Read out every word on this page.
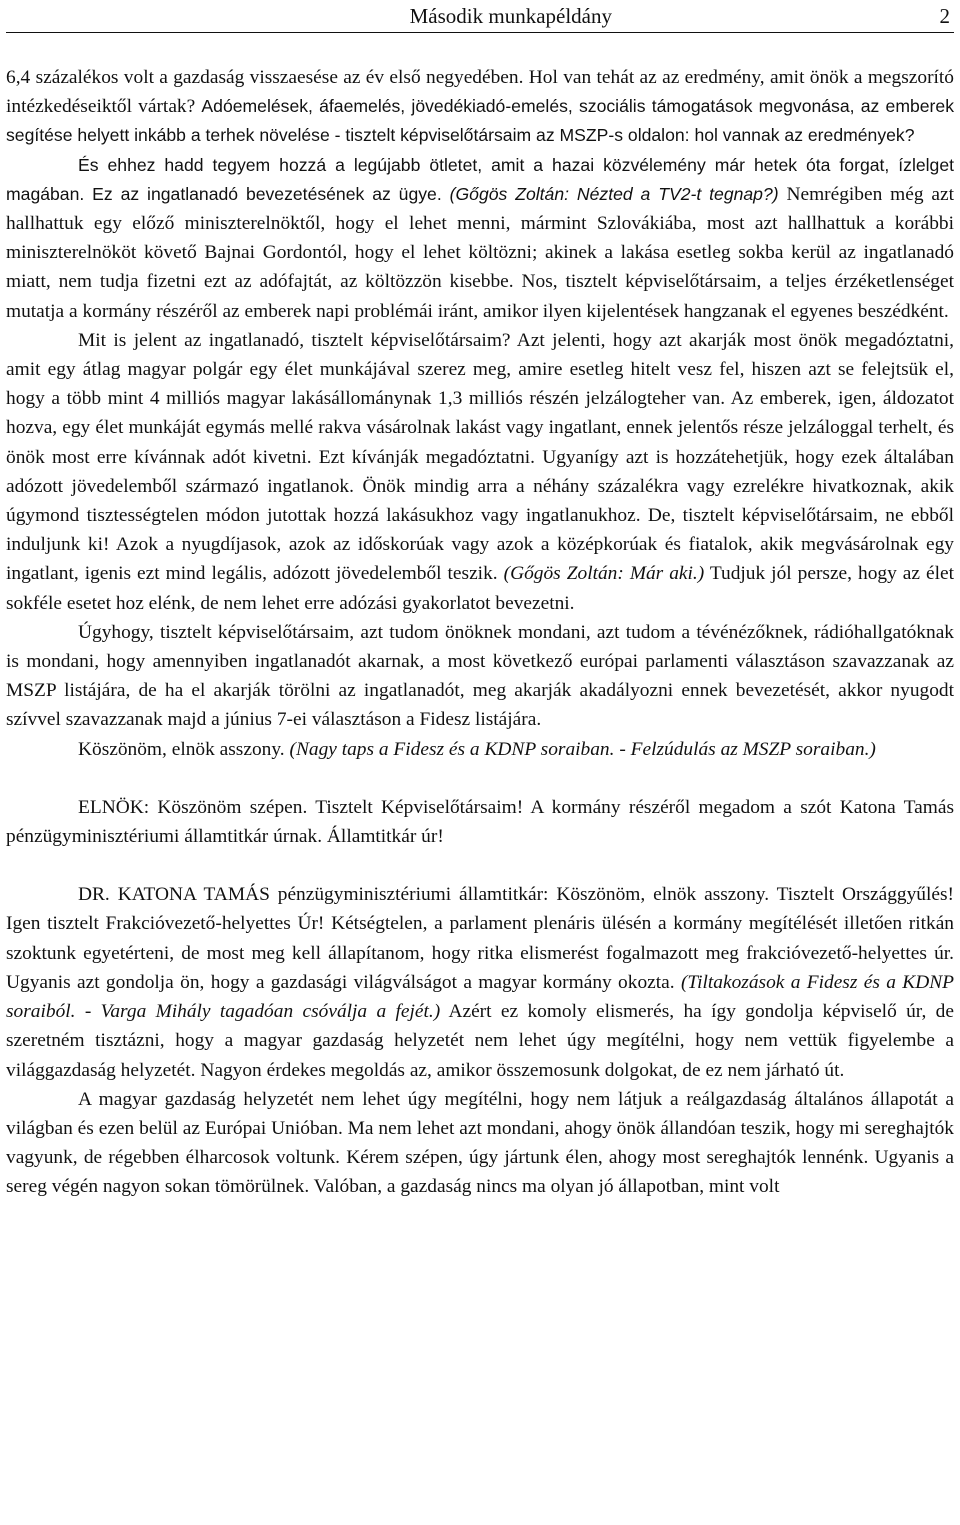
Második munkapéldány	2

6,4 százalékos volt a gazdaság visszaesése az év első negyedében. Hol van tehát az az eredmény, amit önök a megszorító intézkedéseiktől vártak? Adóemelések, áfaemelés, jövedékiadó-emelés, szociális támogatások megvonása, az emberek segítése helyett inkább a terhek növelése - tisztelt képviselőtársaim az MSZP-s oldalon: hol vannak az eredmények?

És ehhez hadd tegyem hozzá a legújabb ötletet, amit a hazai közvélemény már hetek óta forgat, ízlelget magában. Ez az ingatlanadó bevezetésének az ügye. (Gőgös Zoltán: Nézted a TV2-t tegnap?) Nemrégiben még azt hallhattuk egy előző miniszterelnöktől, hogy el lehet menni, mármint Szlovákiába, most azt hallhattuk a korábbi miniszterelnököt követő Bajnai Gordontól, hogy el lehet költözni; akinek a lakása esetleg sokba kerül az ingatlanadó miatt, nem tudja fizetni ezt az adófajtát, az költözzön kisebbe. Nos, tisztelt képviselőtársaim, a teljes érzéketlenséget mutatja a kormány részéről az emberek napi problémái iránt, amikor ilyen kijelentések hangzanak el egyenes beszédként.

Mit is jelent az ingatlanadó, tisztelt képviselőtársaim? Azt jelenti, hogy azt akarják most önök megadóztatni, amit egy átlag magyar polgár egy élet munkájával szerez meg, amire esetleg hitelt vesz fel, hiszen azt se felejtsük el, hogy a több mint 4 milliós magyar lakásállománynak 1,3 milliós részén jelzálogteher van. Az emberek, igen, áldozatot hozva, egy élet munkáját egymás mellé rakva vásárolnak lakást vagy ingatlant, ennek jelentős része jelzáloggal terhelt, és önök most erre kívánnak adót kivetni. Ezt kívánják megadóztatni. Ugyanígy azt is hozzátehetjük, hogy ezek általában adózott jövedelemből származó ingatlanok. Önök mindig arra a néhány százalékra vagy ezrelékre hivatkoznak, akik úgymond tisztességtelen módon jutottak hozzá lakásukhoz vagy ingatlanukhoz. De, tisztelt képviselőtársaim, ne ebből induljunk ki! Azok a nyugdíjasok, azok az időskorúak vagy azok a középkorúak és fiatalok, akik megvásárolnak egy ingatlant, igenis ezt mind legális, adózott jövedelemből teszik. (Gőgös Zoltán: Már aki.) Tudjuk jól persze, hogy az élet sokféle esetet hoz elénk, de nem lehet erre adózási gyakorlatot bevezetni.

Úgyhogy, tisztelt képviselőtársaim, azt tudom önöknek mondani, azt tudom a tévénézőknek, rádióhallgatóknak is mondani, hogy amennyiben ingatlanadót akarnak, a most következő európai parlamenti választáson szavazzanak az MSZP listájára, de ha el akarják törölni az ingatlanadót, meg akarják akadályozni ennek bevezetését, akkor nyugodt szívvel szavazzanak majd a június 7-ei választáson a Fidesz listájára.

Köszönöm, elnök asszony. (Nagy taps a Fidesz és a KDNP soraiban. - Felzúdulás az MSZP soraiban.)

ELNÖK: Köszönöm szépen. Tisztelt Képviselőtársaim! A kormány részéről megadom a szót Katona Tamás pénzügyminisztériumi államtitkár úrnak. Államtitkár úr!

DR. KATONA TAMÁS pénzügyminisztériumi államtitkár: Köszönöm, elnök asszony. Tisztelt Országgyűlés! Igen tisztelt Frakcióvezető-helyettes Úr! Kétségtelen, a parlament plenáris ülésén a kormány megítélését illetően ritkán szoktunk egyetérteni, de most meg kell állapítanom, hogy ritka elismerést fogalmazott meg frakcióvezető-helyettes úr. Ugyanis azt gondolja ön, hogy a gazdasági világválságot a magyar kormány okozta. (Tiltakozások a Fidesz és a KDNP soraiból. - Varga Mihály tagadóan csóválja a fejét.) Azért ez komoly elismerés, ha így gondolja képviselő úr, de szeretném tisztázni, hogy a magyar gazdaság helyzetét nem lehet úgy megítélni, hogy nem vettük figyelembe a világgazdaság helyzetét. Nagyon érdekes megoldás az, amikor összemosunk dolgokat, de ez nem járható út.

A magyar gazdaság helyzetét nem lehet úgy megítélni, hogy nem látjuk a reálgazdaság általános állapotát a világban és ezen belül az Európai Unióban. Ma nem lehet azt mondani, ahogy önök állandóan teszik, hogy mi sereghajtók vagyunk, de régebben élharcosok voltunk. Kérem szépen, úgy jártunk élen, ahogy most sereghajtók lennénk. Ugyanis a sereg végén nagyon sokan tömörülnek. Valóban, a gazdaság nincs ma olyan jó állapotban, mint volt
